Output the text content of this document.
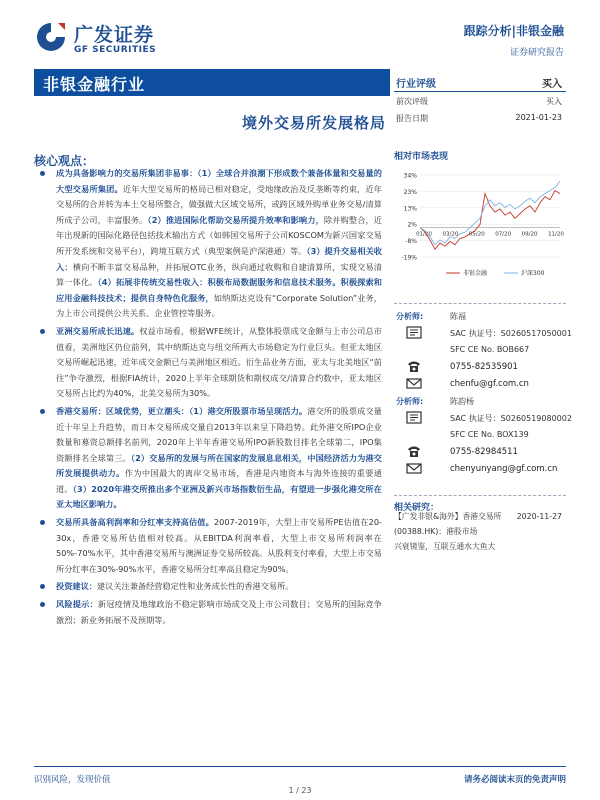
广发证券
GF SECURITIES
跟踪分析|非银金融
证券研究报告
非银金融行业
境外交易所发展格局
行业评级	买入
前次评级	买入
报告日期	2021-01-23
核心观点：
成为具备影响力的交易所集团非易事：（1）全球合并浪潮下形成数个兼备体量和交易量的大型交易所集团。近年大型交易所的格局已相对稳定，受地缘政治及反垄断等约束，近年交易所的合并转为本土交易所整合，做强做大区域交易所，或跨区域外购单业务交易/清算所成子公司，丰富服务。（2）推进国际化帮助交易所提升效率和影响力，除并购整合，近年出现新的国际化路径包括技术输出方式（如韩国交易所子公司KOSCOM为新兴国家交易所开发系统和交易平台），跨境互联方式（典型案例是沪深港通）等。（3）提升交易相关收入：横向不断丰富交易品种，并拓展OTC业务，纵向通过收购和自建清算所，实现交易清算一体化。（4）拓展非传统交易性收入：积极布局数据服务和信息技术服务。积极探索和应用金融科技技术；提供自身特色化服务，如纳斯达克设有“Corporate Solution”业务，为上市公司提供公共关系、企业管控等服务。
亚洲交易所成长迅速。权益市场看，根据WFE统计，从整体股票成交金额与上市公司总市值看，美洲地区仍位前列，其中纳斯达克与纽交所两大市场稳定为行业巨头。但亚太地区交易所崛起迅速，近年成交金额已与美洲地区相近。衍生品业务方面，亚太与北美地区“前往”争夺激烈，根据FIA统计，2020上半年全球期货和期权成交/清算合约数中，亚太地区交易所占比约为40%，北美交易所为30%。
香港交易所：区域优势，更立潮头：（1）港交所股票市场呈现活力。港交所的股票成交量近十年呈上升趋势，而日本交易所成交量自2013年以来呈下降趋势。此外港交所IPO企业数量和募资总额排名前列，2020年上半年香港交易所IPO新股数目排名全球第二，IPO集资额排名全球第三。（2）交易所的发展与所在国家的发展息息相关，中国经济活力为港交所发展提供动力。作为中国最大的离岸交易市场，香港是内地资本与海外连接的重要通道。（3）2020年港交所推出多个亚洲及新兴市场指数衍生品，有望进一步强化港交所在亚太地区影响力。
交易所具备高利润率和分红率支持高估值。2007-2019年，大型上市交易所PE估值在20-30x，香港交易所估值相对较高。从EBITDA利润率看，大型上市交易所利润率在50%-70%水平，其中香港交易所与澳洲证券交易所较高。从股利支付率看，大型上市交易所分红率在30%-90%水平，香港交易所分红率高且稳定为90%。
投资建议：建议关注兼备经营稳定性和业务成长性的香港交易所。
风险提示：新冠疫情及地缘政治不稳定影响市场成交及上市公司数目；交易所的国际竞争激烈；新业务拓展不及预期等。
相对市场表现
34%
23%
13%
2%
-8%
-19%
01/20 03/20 05/20 07/20 09/20 11/20
非银金融	沪深300
分析师:	陈福
SAC 执证号：S0260517050001
SFC CE No. BOB667
0755-82535901
chenfu@gf.com.cn
分析师:	陈韵杨
SAC 执证号：S0260519080002
SFC CE No. BOX139
0755-82984511
chenyunyang@gf.com.cn
相关研究：
【广发非银&海外】香港交易所 2020-11-27
(00388.HK)：港股市场
兴衰镜鉴，互联互通水大鱼大
识别风险，发现价值	请务必阅读末页的免责声明
1 / 23
